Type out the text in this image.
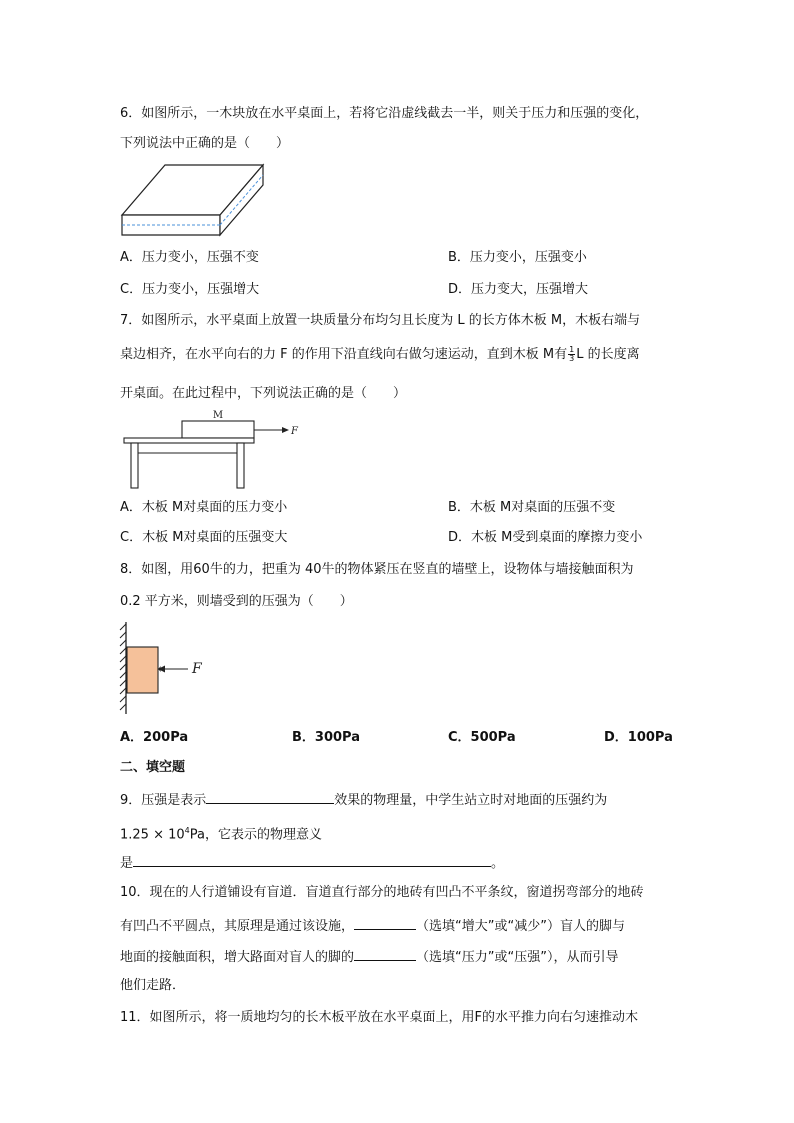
6．如图所示，一木块放在水平桌面上，若将它沿虚线截去一半，则关于压力和压强的变化，
下列说法中正确的是（　　）
A．压力变小，压强不变	B．压力变小，压强变小
C．压力变小，压强增大	D．压力变大，压强增大
7．如图所示，水平桌面上放置一块质量分布均匀且长度为 L 的长方体木板 M，木板右端与
桌边相齐，在水平向右的力 F 的作用下沿直线向右做匀速运动，直到木板 M有 $\frac{1}{3}$ L 的长度离
开桌面。在此过程中，下列说法正确的是（　　）
M
F
A．木板 M对桌面的压力变小	B．木板 M对桌面的压强不变
C．木板 M对桌面的压强变大	D．木板 M受到桌面的摩擦力变小
8．如图，用60牛的力，把重为 40牛的物体紧压在竖直的墙壁上，设物体与墙接触面积为
0.2 平方米，则墙受到的压强为（　　）
F
A．200Pa	B．300Pa	C．500Pa	D．100Pa
二、填空题
9．压强是表示	效果的物理量，中学生站立时对地面的压强约为
$1.25 \times 10^4Pa$，它表示的物理意义
是	。
10．现在的人行道铺设有盲道．盲道直行部分的地砖有凹凸不平条纹，窗道拐弯部分的地砖
有凹凸不平圆点，其原理是通过该设施，	（选填“增大”或“减少”）盲人的脚与
地面的接触面积，增大路面对盲人的脚的	（选填“压力”或“压强”），从而引导
他们走路．
11．如图所示，将一质地均匀的长木板平放在水平桌面上，用F的水平推力向右匀速推动木
